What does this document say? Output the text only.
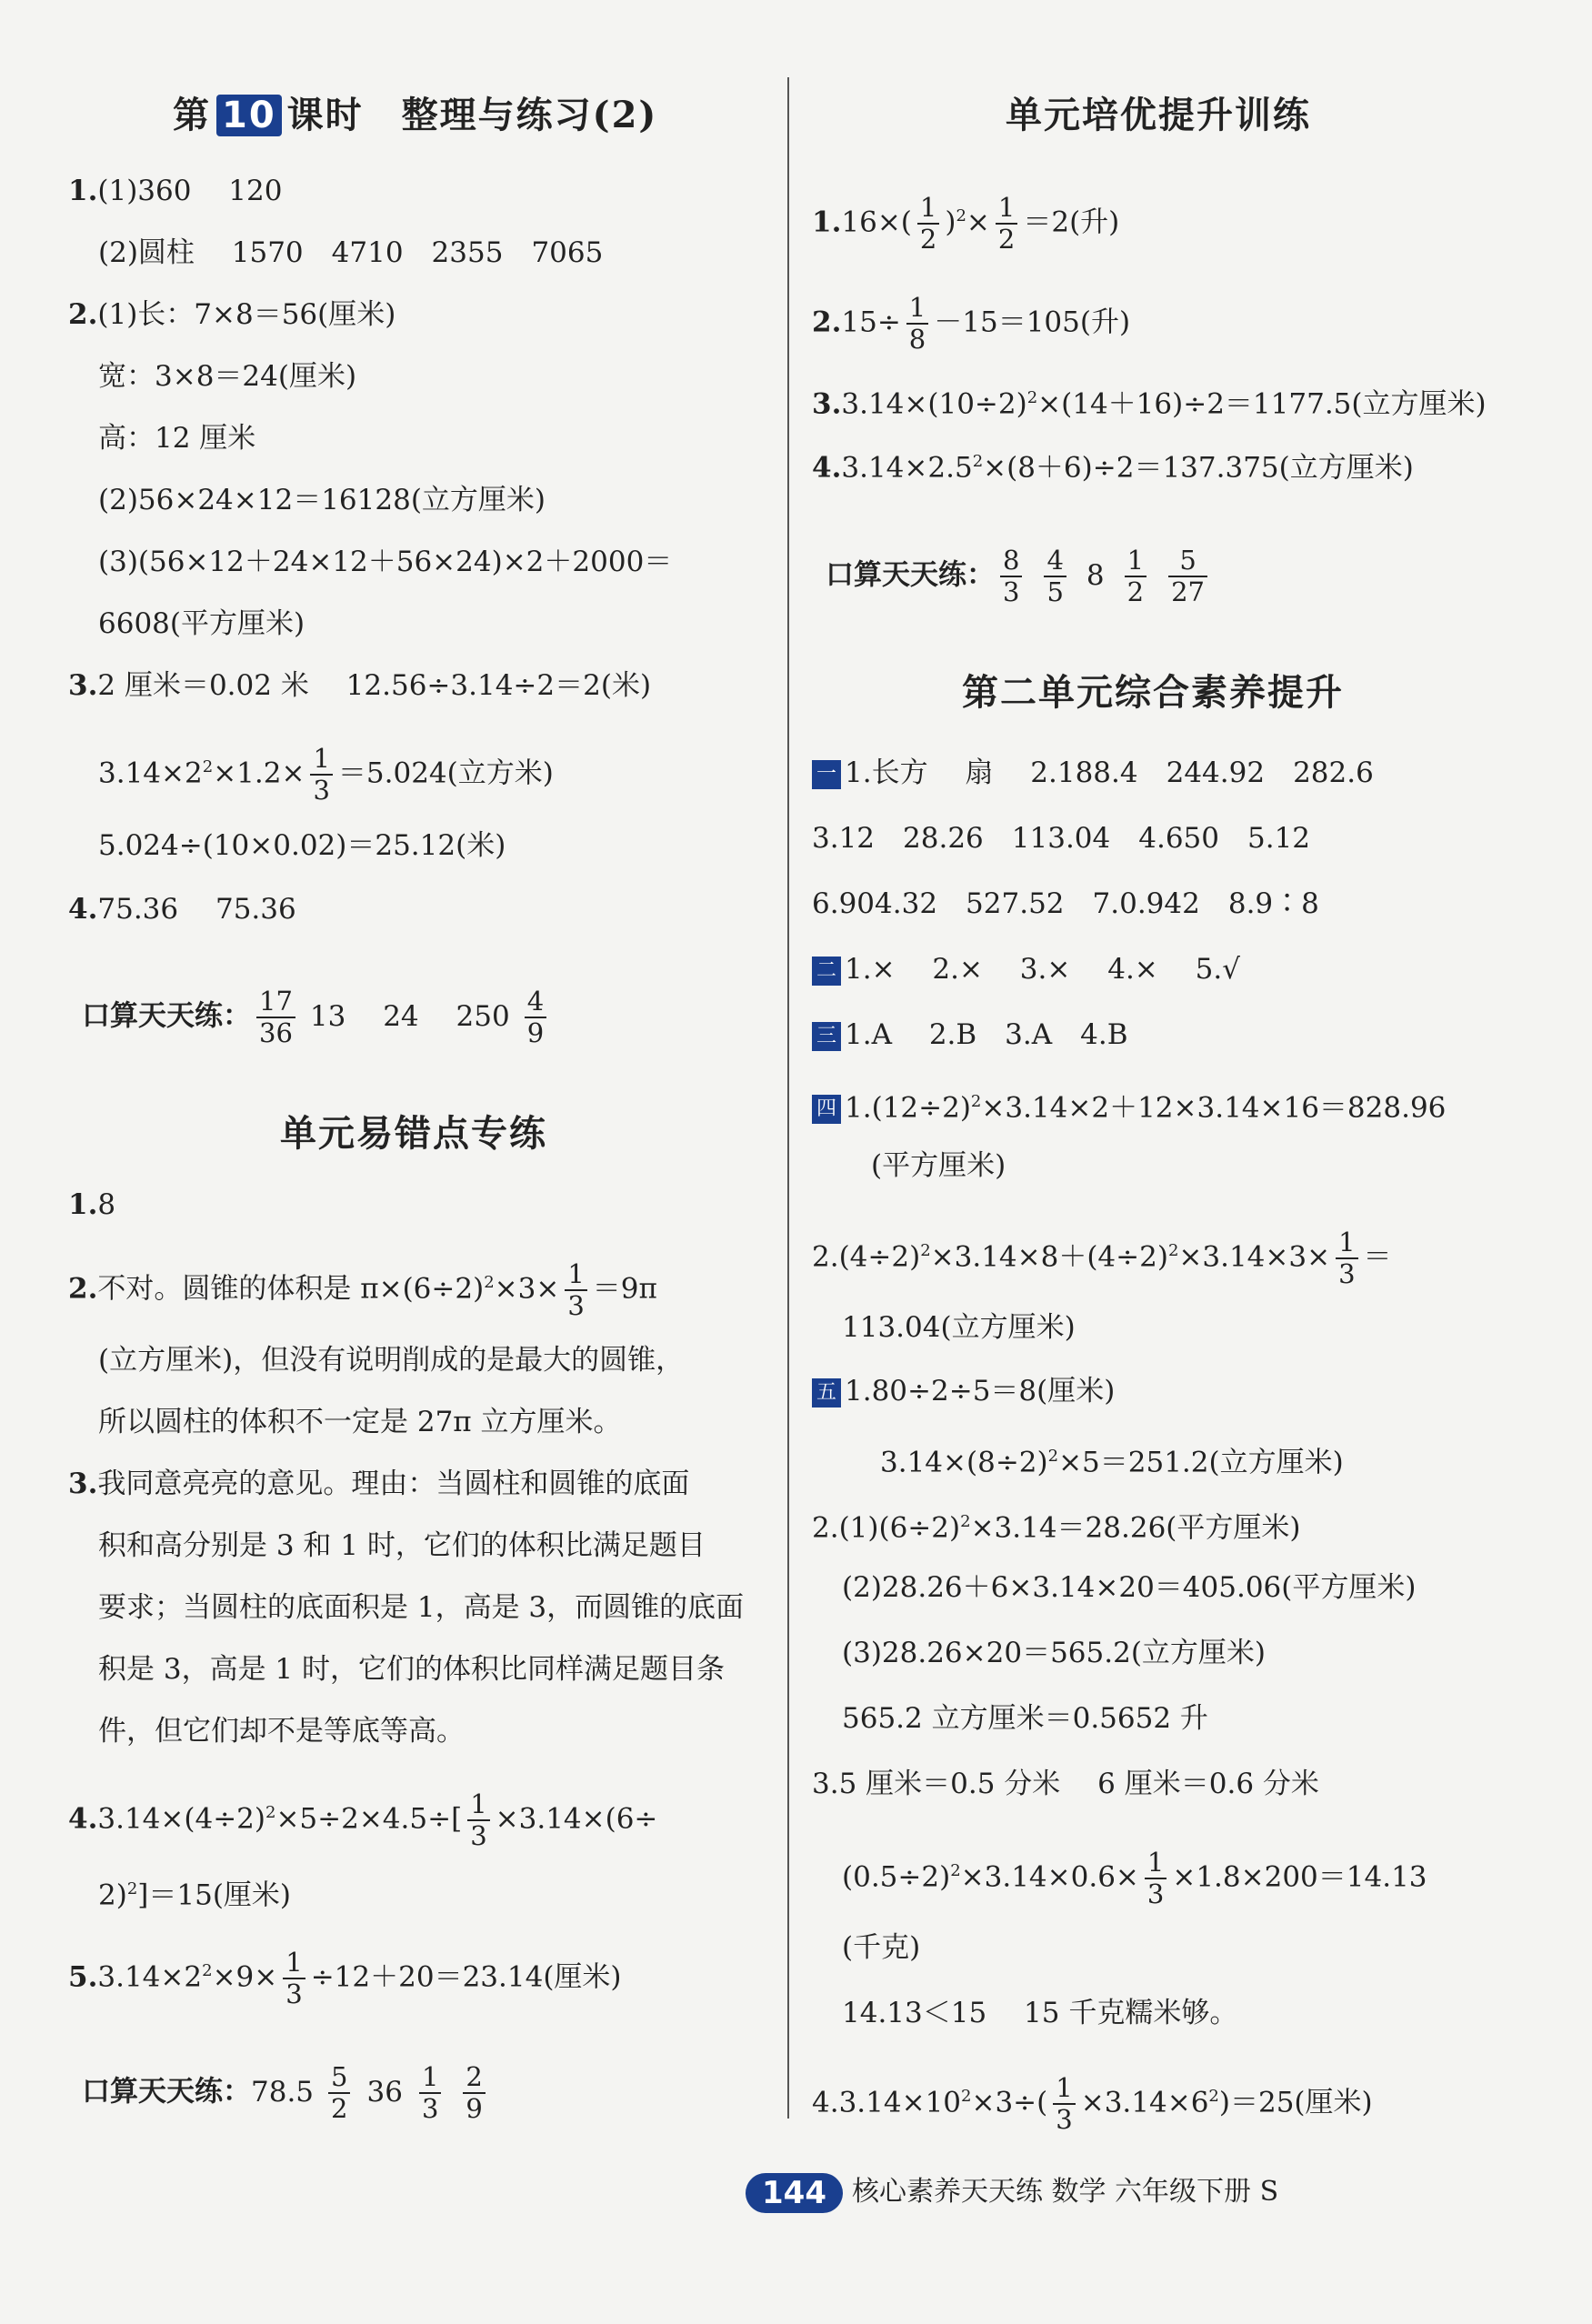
第 10 课时　整理与练习(2)
1.(1)360　 120
(2)圆柱　 1570　4710　2355　7065
2.(1)长：7×8＝56(厘米)
宽：3×8＝24(厘米)
高：12 厘米
(2)56×24×12＝16128(立方厘米)
(3)(56×12＋24×12＋56×24)×2＋2000＝
6608(平方厘米)
3.2 厘米＝0.02 米　 12.56÷3.14÷2＝2(米)
$3.14\times 2^2\times 1.2\times \frac{1}{3} =5.024$(立方米)
5.024÷(10×0.02)＝25.12(米)
4.75.36　 75.36
口算天天练： $\frac{17}{36} 13$　 24　 $250 \frac{4}{9}$
单元易错点专练
1.8
2.不对。圆锥的体积是 $\pi\times(6\div 2)^2\times 3\times \frac{1}{3} =9\pi$
(立方厘米)，但没有说明削成的是最大的圆锥，
所以圆柱的体积不一定是 27π 立方厘米。
3.我同意亮亮的意见。理由：当圆柱和圆锥的底面
积和高分别是 3 和 1 时，它们的体积比满足题目
要求；当圆柱的底面积是 1，高是 3，而圆锥的底面
积是 3，高是 1 时，它们的体积比同样满足题目条
件，但它们却不是等底等高。
$4.3.14\times(4\div 2)^2\times 5\div 2\times 4.5\div[ \frac{1}{3} \times 3.14\times(6\div$
2)$^2$]＝15(厘米)
$5.3.14\times 2^2\times 9\times \frac{1}{3} \div 12+20=23.14$(厘米)
口算天天练：$78.5 \frac{5}{2} 36 \frac{1}{3} \frac{2}{9}$
单元培优提升训练
$1.16\times( \frac{1}{2} )^2\times \frac{1}{2} =2$(升)
$2.15\div \frac{1}{8} -15=105$(升)
$3.3.14\times(10\div 2)^2\times(14+16)\div 2=1177.5$(立方厘米)
$4.3.14\times 2.5^2\times(8+6)\div 2=137.375$(立方厘米)
口算天天练： $\frac{8}{3} \frac{4}{5} 8 \frac{1}{2} \frac{5}{27}$
第二单元综合素养提升
一 1.长方　 扇　 2.188.4　244.92　282.6
3.12　28.26　113.04　4.650　5.12
6.904.32　527.52　7.0.942　8.9∶8
二 1.×　 2.×　 3.×　 4.×　 5.√
三 1.A　 2.B　3.A　4.B
四 $1.(12\div 2)^2\times 3.14\times 2+12\times 3.14\times 16=828.96$
(平方厘米)
$2.(4\div 2)^2\times 3.14\times 8+(4\div 2)^2\times 3.14\times 3\times \frac{1}{3}$ ＝
113.04(立方厘米)
五 1.80÷2÷5＝8(厘米)
$3.14\times(8\div 2)^2\times 5=251.2$(立方厘米)
$2.(1)(6\div 2)^2\times 3.14=28.26$(平方厘米)
(2)28.26＋6×3.14×20＝405.06(平方厘米)
(3)28.26×20＝565.2(立方厘米)
565.2 立方厘米＝0.5652 升
3.5 厘米＝0.5 分米　 6 厘米＝0.6 分米
$(0.5\div 2)^2\times 3.14\times 0.6\times \frac{1}{3} \times 1.8\times 200=14.13$
(千克)
14.13＜15　 15 千克糯米够。
$4.3.14\times 10^2\times 3\div( \frac{1}{3} \times 3.14\times 6^2)=25$(厘米)
144 核心素养天天练 数学 六年级下册 S
